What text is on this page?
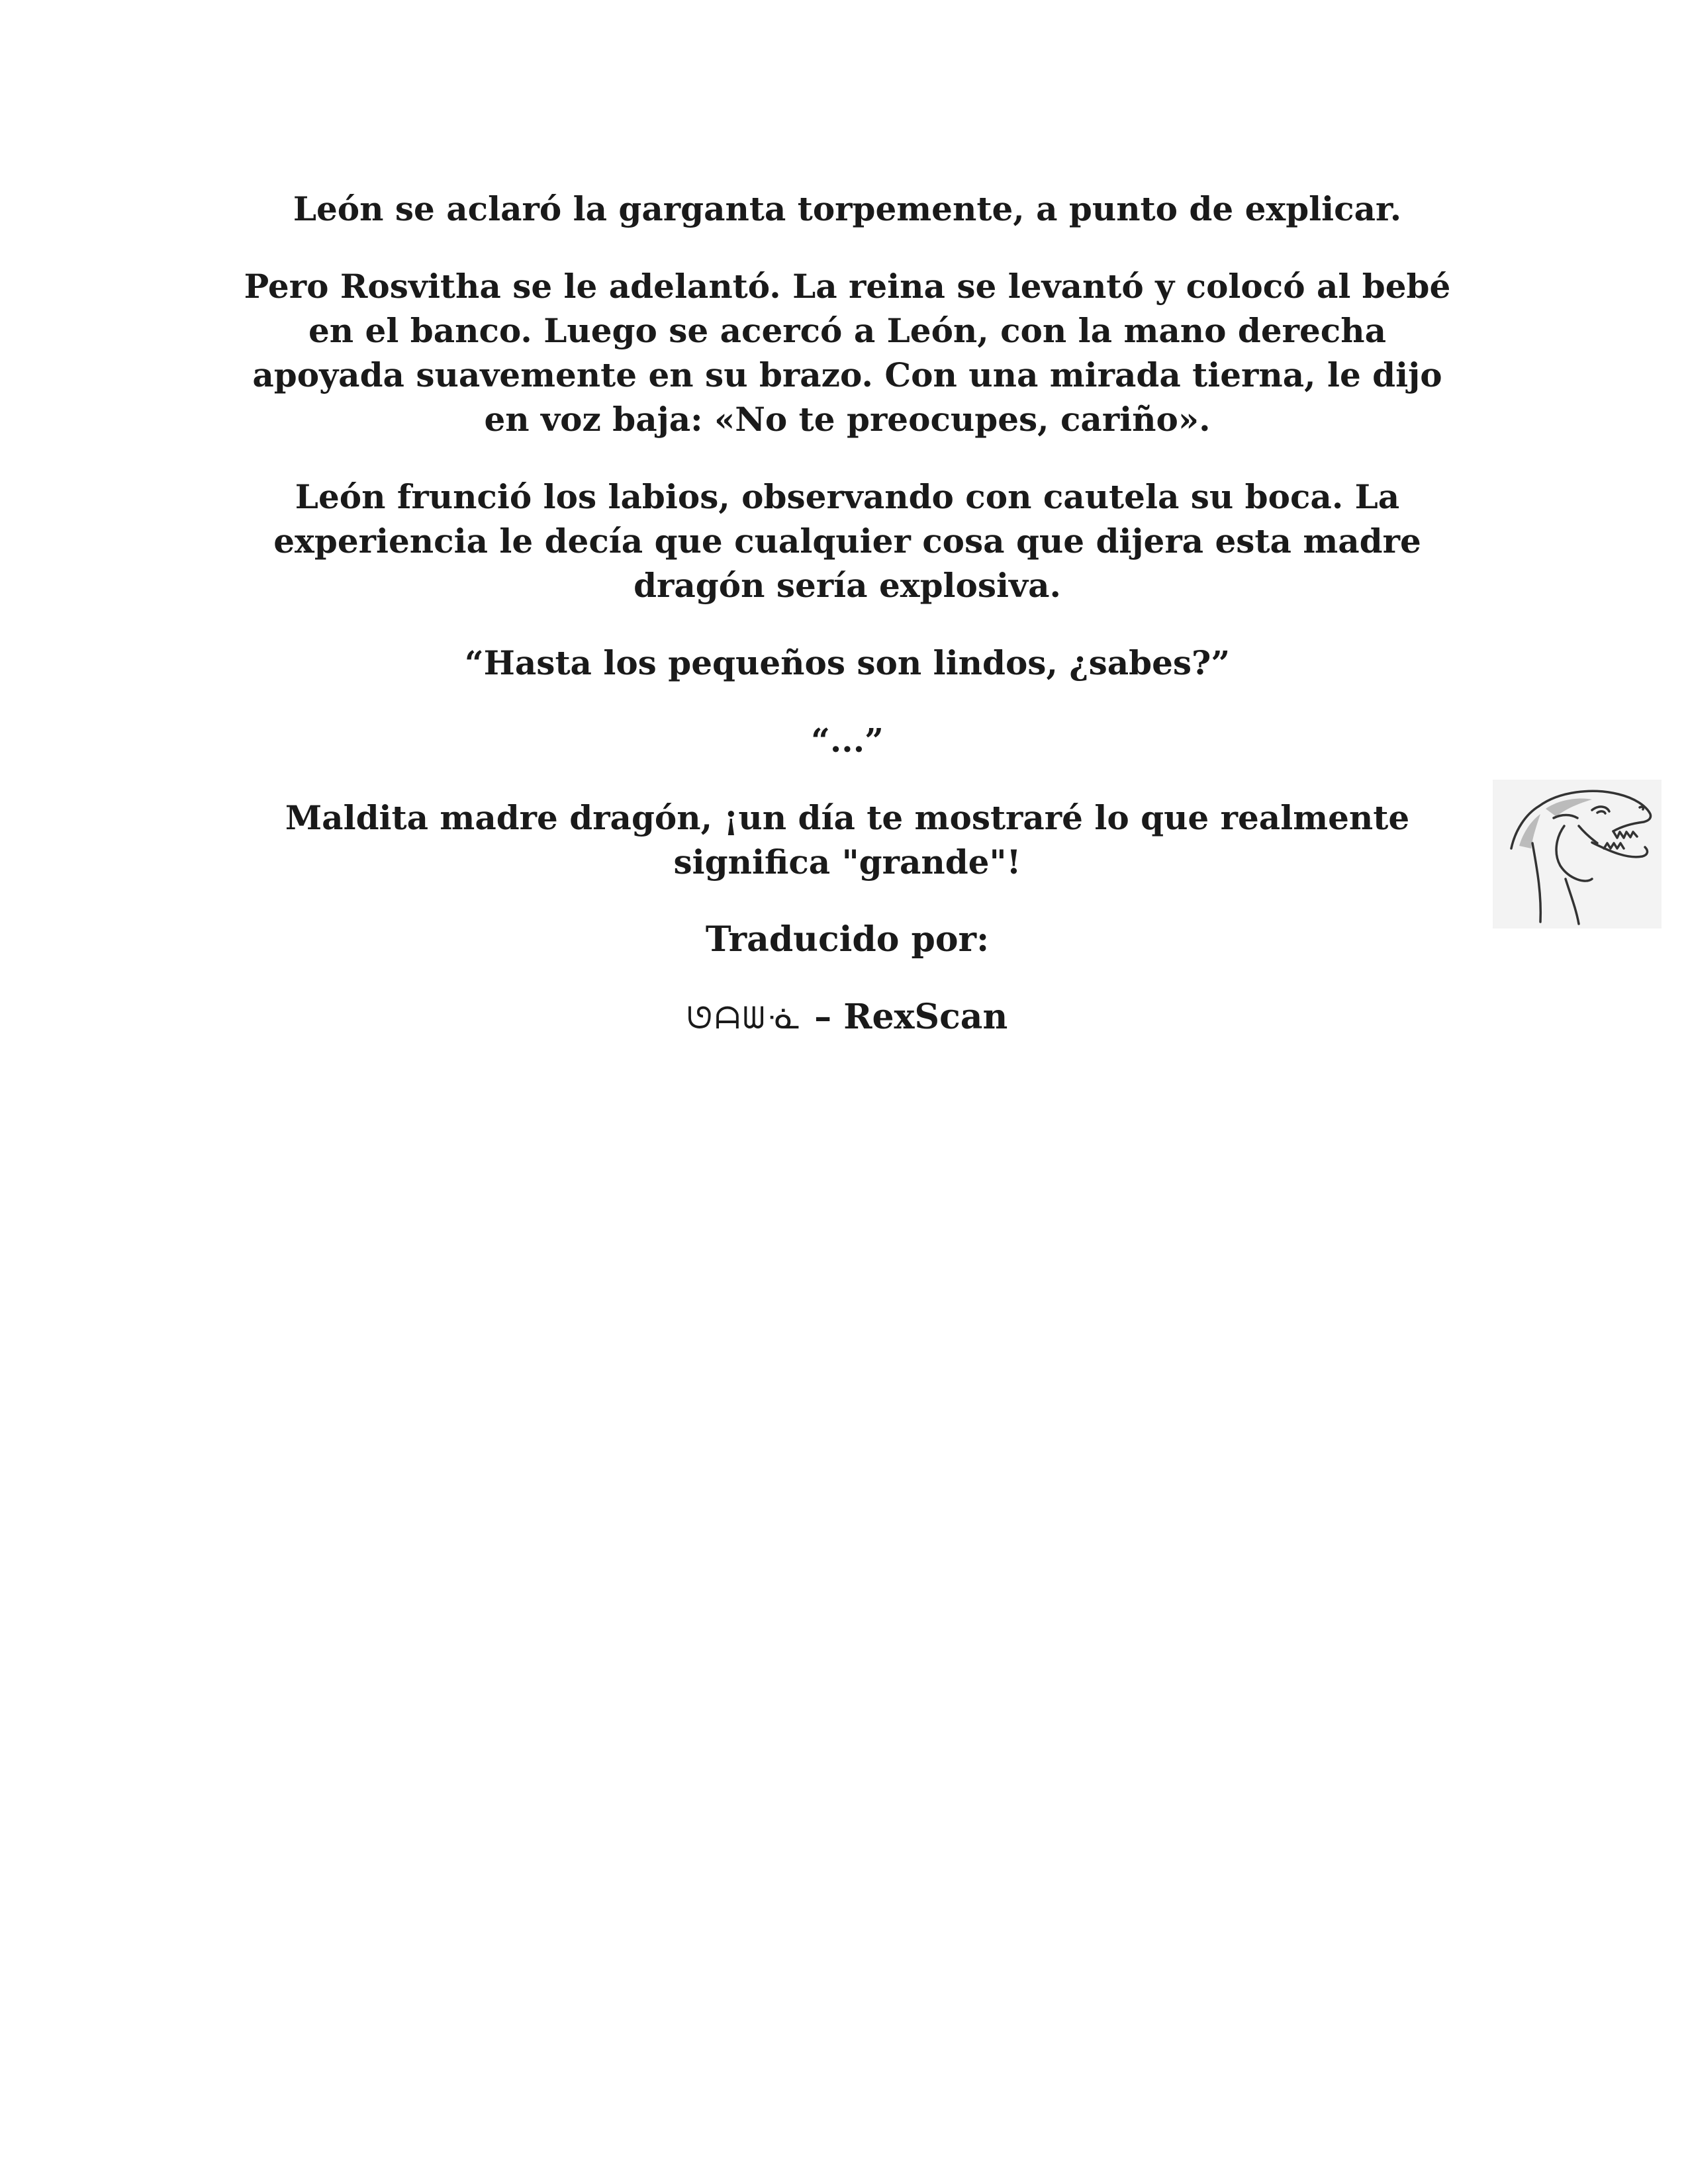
León se aclaró la garganta torpemente, a punto de explicar.

Pero Rosvitha se le adelantó. La reina se levantó y colocó al bebé en el banco. Luego se acercó a León, con la mano derecha apoyada suavemente en su brazo. Con una mirada tierna, le dijo en voz baja: «No te preocupes, cariño».

León frunció los labios, observando con cautela su boca. La experiencia le decía que cualquier cosa que dijera esta madre dragón sería explosiva.

“Hasta los pequeños son lindos, ¿sabes?”

“...”

Maldita madre dragón, ¡un día te mostraré lo que realmente significa "grande"!

Traducido por:

ᘎᗩᗯᓍ – RexScan
